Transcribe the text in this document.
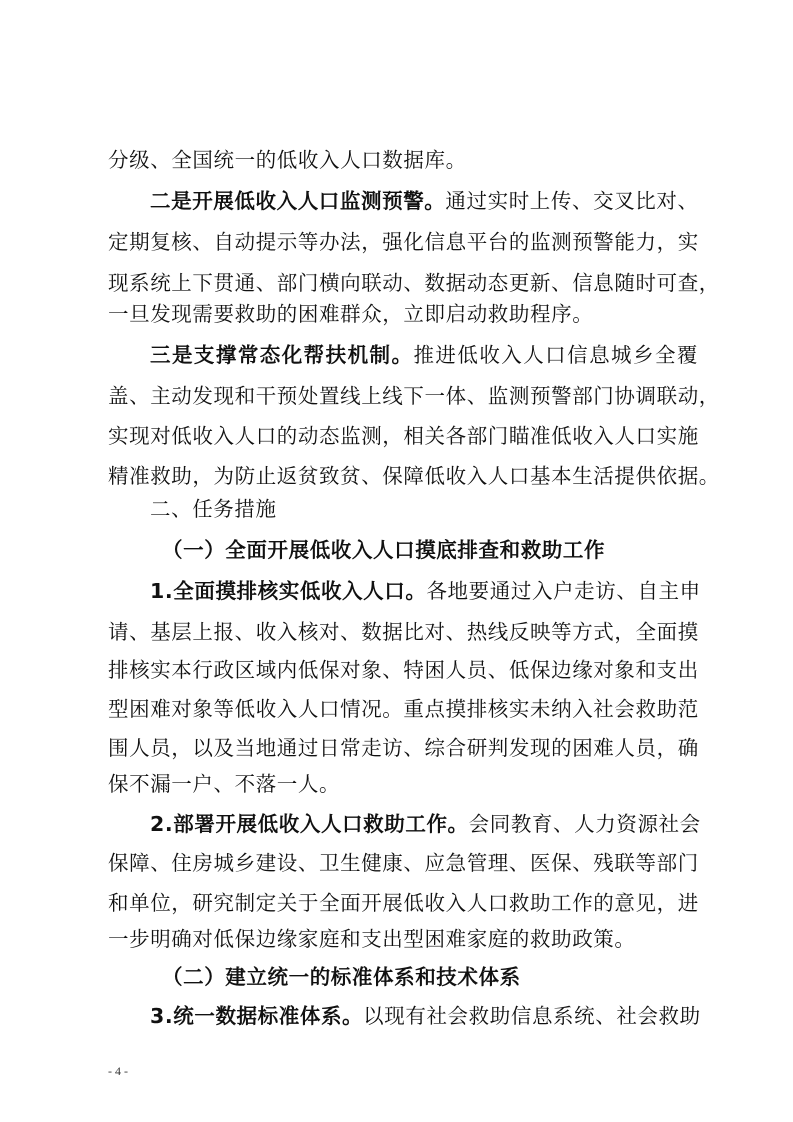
分级、全国统一的低收入人口数据库。
二是开展低收入人口监测预警。通过实时上传、交叉比对、
定期复核、自动提示等办法，强化信息平台的监测预警能力，实
现系统上下贯通、部门横向联动、数据动态更新、信息随时可查，
一旦发现需要救助的困难群众，立即启动救助程序。
三是支撑常态化帮扶机制。推进低收入人口信息城乡全覆
盖、主动发现和干预处置线上线下一体、监测预警部门协调联动，
实现对低收入人口的动态监测，相关各部门瞄准低收入人口实施
精准救助，为防止返贫致贫、保障低收入人口基本生活提供依据。
二、任务措施
（一）全面开展低收入人口摸底排查和救助工作
1.全面摸排核实低收入人口。各地要通过入户走访、自主申
请、基层上报、收入核对、数据比对、热线反映等方式，全面摸
排核实本行政区域内低保对象、特困人员、低保边缘对象和支出
型困难对象等低收入人口情况。重点摸排核实未纳入社会救助范
围人员，以及当地通过日常走访、综合研判发现的困难人员，确
保不漏一户、不落一人。
2.部署开展低收入人口救助工作。会同教育、人力资源社会
保障、住房城乡建设、卫生健康、应急管理、医保、残联等部门
和单位，研究制定关于全面开展低收入人口救助工作的意见，进
一步明确对低保边缘家庭和支出型困难家庭的救助政策。
（二）建立统一的标准体系和技术体系
3.统一数据标准体系。以现有社会救助信息系统、社会救助
- 4 -
